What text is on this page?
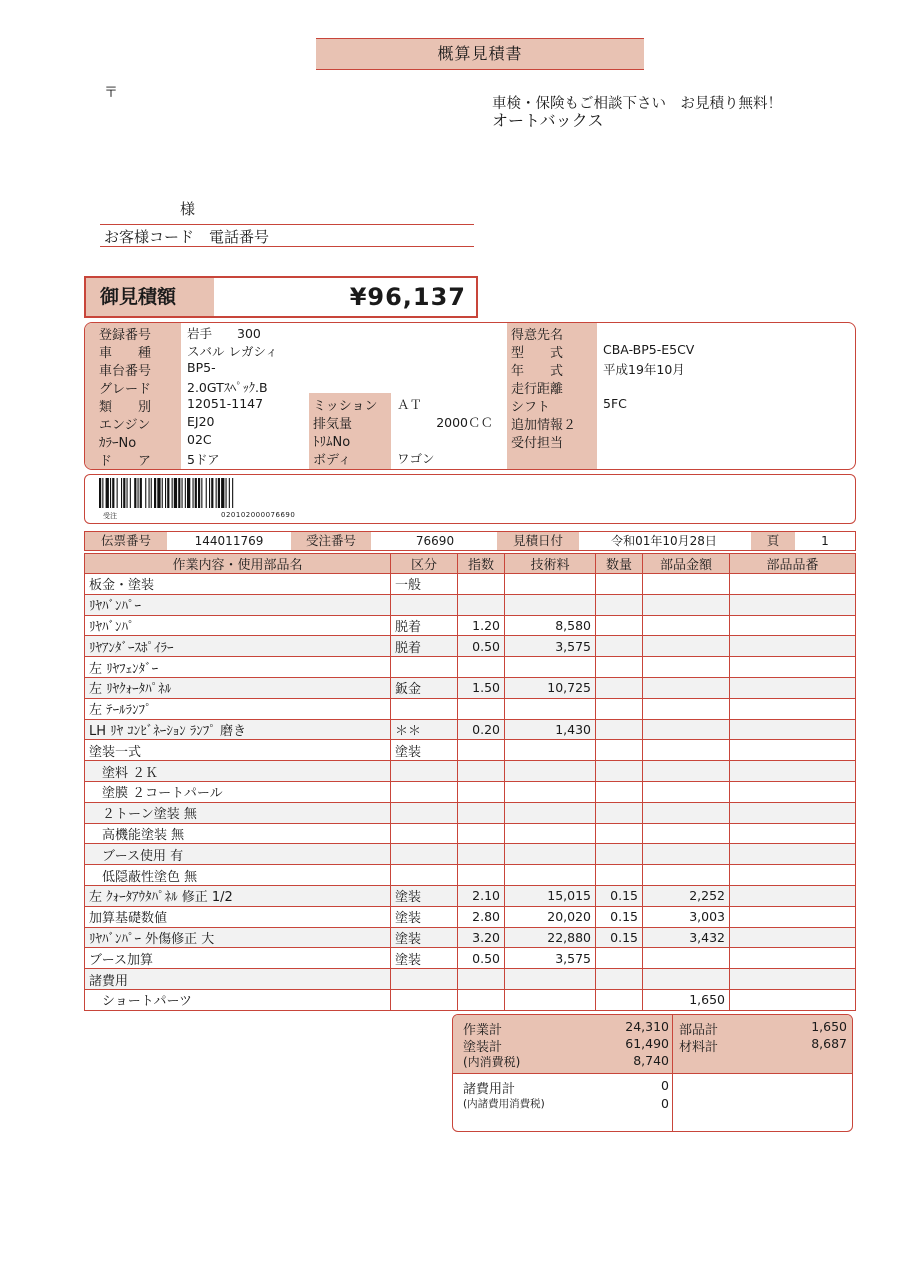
概算見積書
〒
車検・保険もご相談下さい　お見積り無料！
オートバックス
様
お客様コード　電話番号
御見積額	¥96,137
登録番号	岩手　　300
車　　種	スバル レガシィ
車台番号	BP5-
グレード	2.0GTｽﾍﾟｯｸ.B
類　　別	12051-1147
エンジン	EJ20
ｶﾗｰNo	02C
ド　　ア	5ドア
ミッション ＡＴ
排気量	2000ＣＣ
ﾄﾘﾑNo
ボディ	ワゴン
得意先名
型　　式	CBA-BP5-E5CV
年　　式	平成19年10月
走行距離
シフト	5FC
追加情報２
受付担当
受注	020102000076690
伝票番号	144011769	受注番号	76690	見積日付	令和01年10月28日	頁	1
作業内容・使用部品名	区分	指数	技術料	数量	部品金額	部品品番
板金・塗装	一般					
ﾘﾔﾊﾞﾝﾊﾟｰ						
ﾘﾔﾊﾞﾝﾊﾟ	脱着	1.20	8,580			
ﾘﾔｱﾝﾀﾞｰｽﾎﾟｲﾗｰ	脱着	0.50	3,575			
左 ﾘﾔﾌｪﾝﾀﾞｰ						
左 ﾘﾔｸｫｰﾀﾊﾟﾈﾙ	鈑金	1.50	10,725			
左 ﾃｰﾙﾗﾝﾌﾟ						
LH ﾘﾔ ｺﾝﾋﾞﾈｰｼｮﾝ ﾗﾝﾌﾟ 磨き	＊＊	0.20	1,430			
塗装一式	塗装					
　塗料 ２Ｋ						
　塗膜 ２コートパール						
　２トーン塗装 無						
　高機能塗装 無						
　ブース使用 有						
　低隠蔽性塗色 無						
左 ｸｫｰﾀｱｳﾀﾊﾟﾈﾙ 修正 1/2	塗装	2.10	15,015	0.15	2,252	
加算基礎数値	塗装	2.80	20,020	0.15	3,003	
ﾘﾔﾊﾞﾝﾊﾟｰ 外傷修正 大	塗装	3.20	22,880	0.15	3,432	
ブース加算	塗装	0.50	3,575			
諸費用						
　ショートパーツ					1,650	
作業計	24,310
塗装計	61,490
(内消費税)	8,740
部品計	1,650
材料計	8,687
諸費用計	0
(内諸費用消費税)	0
